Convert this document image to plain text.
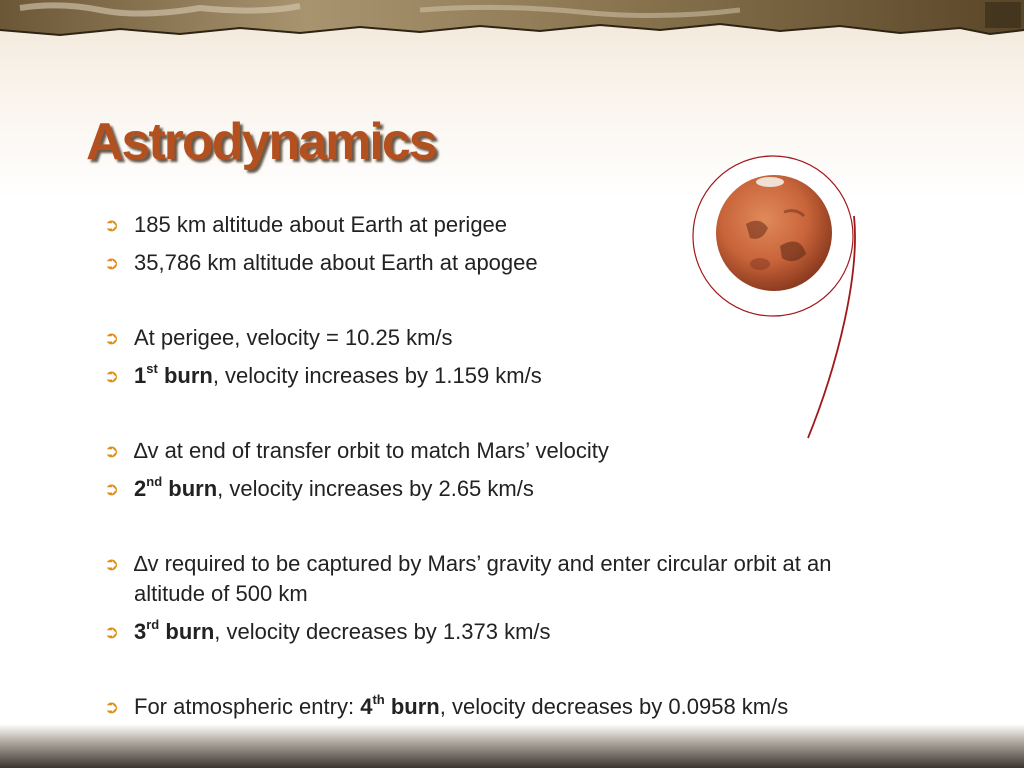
Astrodynamics
➲ 185 km altitude about Earth at perigee
➲ 35,786 km altitude about Earth at apogee
➲ At perigee, velocity = 10.25 km/s
➲ 1st burn, velocity increases by 1.159 km/s
➲ ∆v at end of transfer orbit to match Mars’ velocity
➲ 2nd burn, velocity increases by 2.65 km/s
➲ ∆v required to be captured by Mars’ gravity and enter circular orbit at an altitude of 500 km
➲ 3rd burn, velocity decreases by 1.373 km/s
➲ For atmospheric entry: 4th burn, velocity decreases by 0.0958 km/s
